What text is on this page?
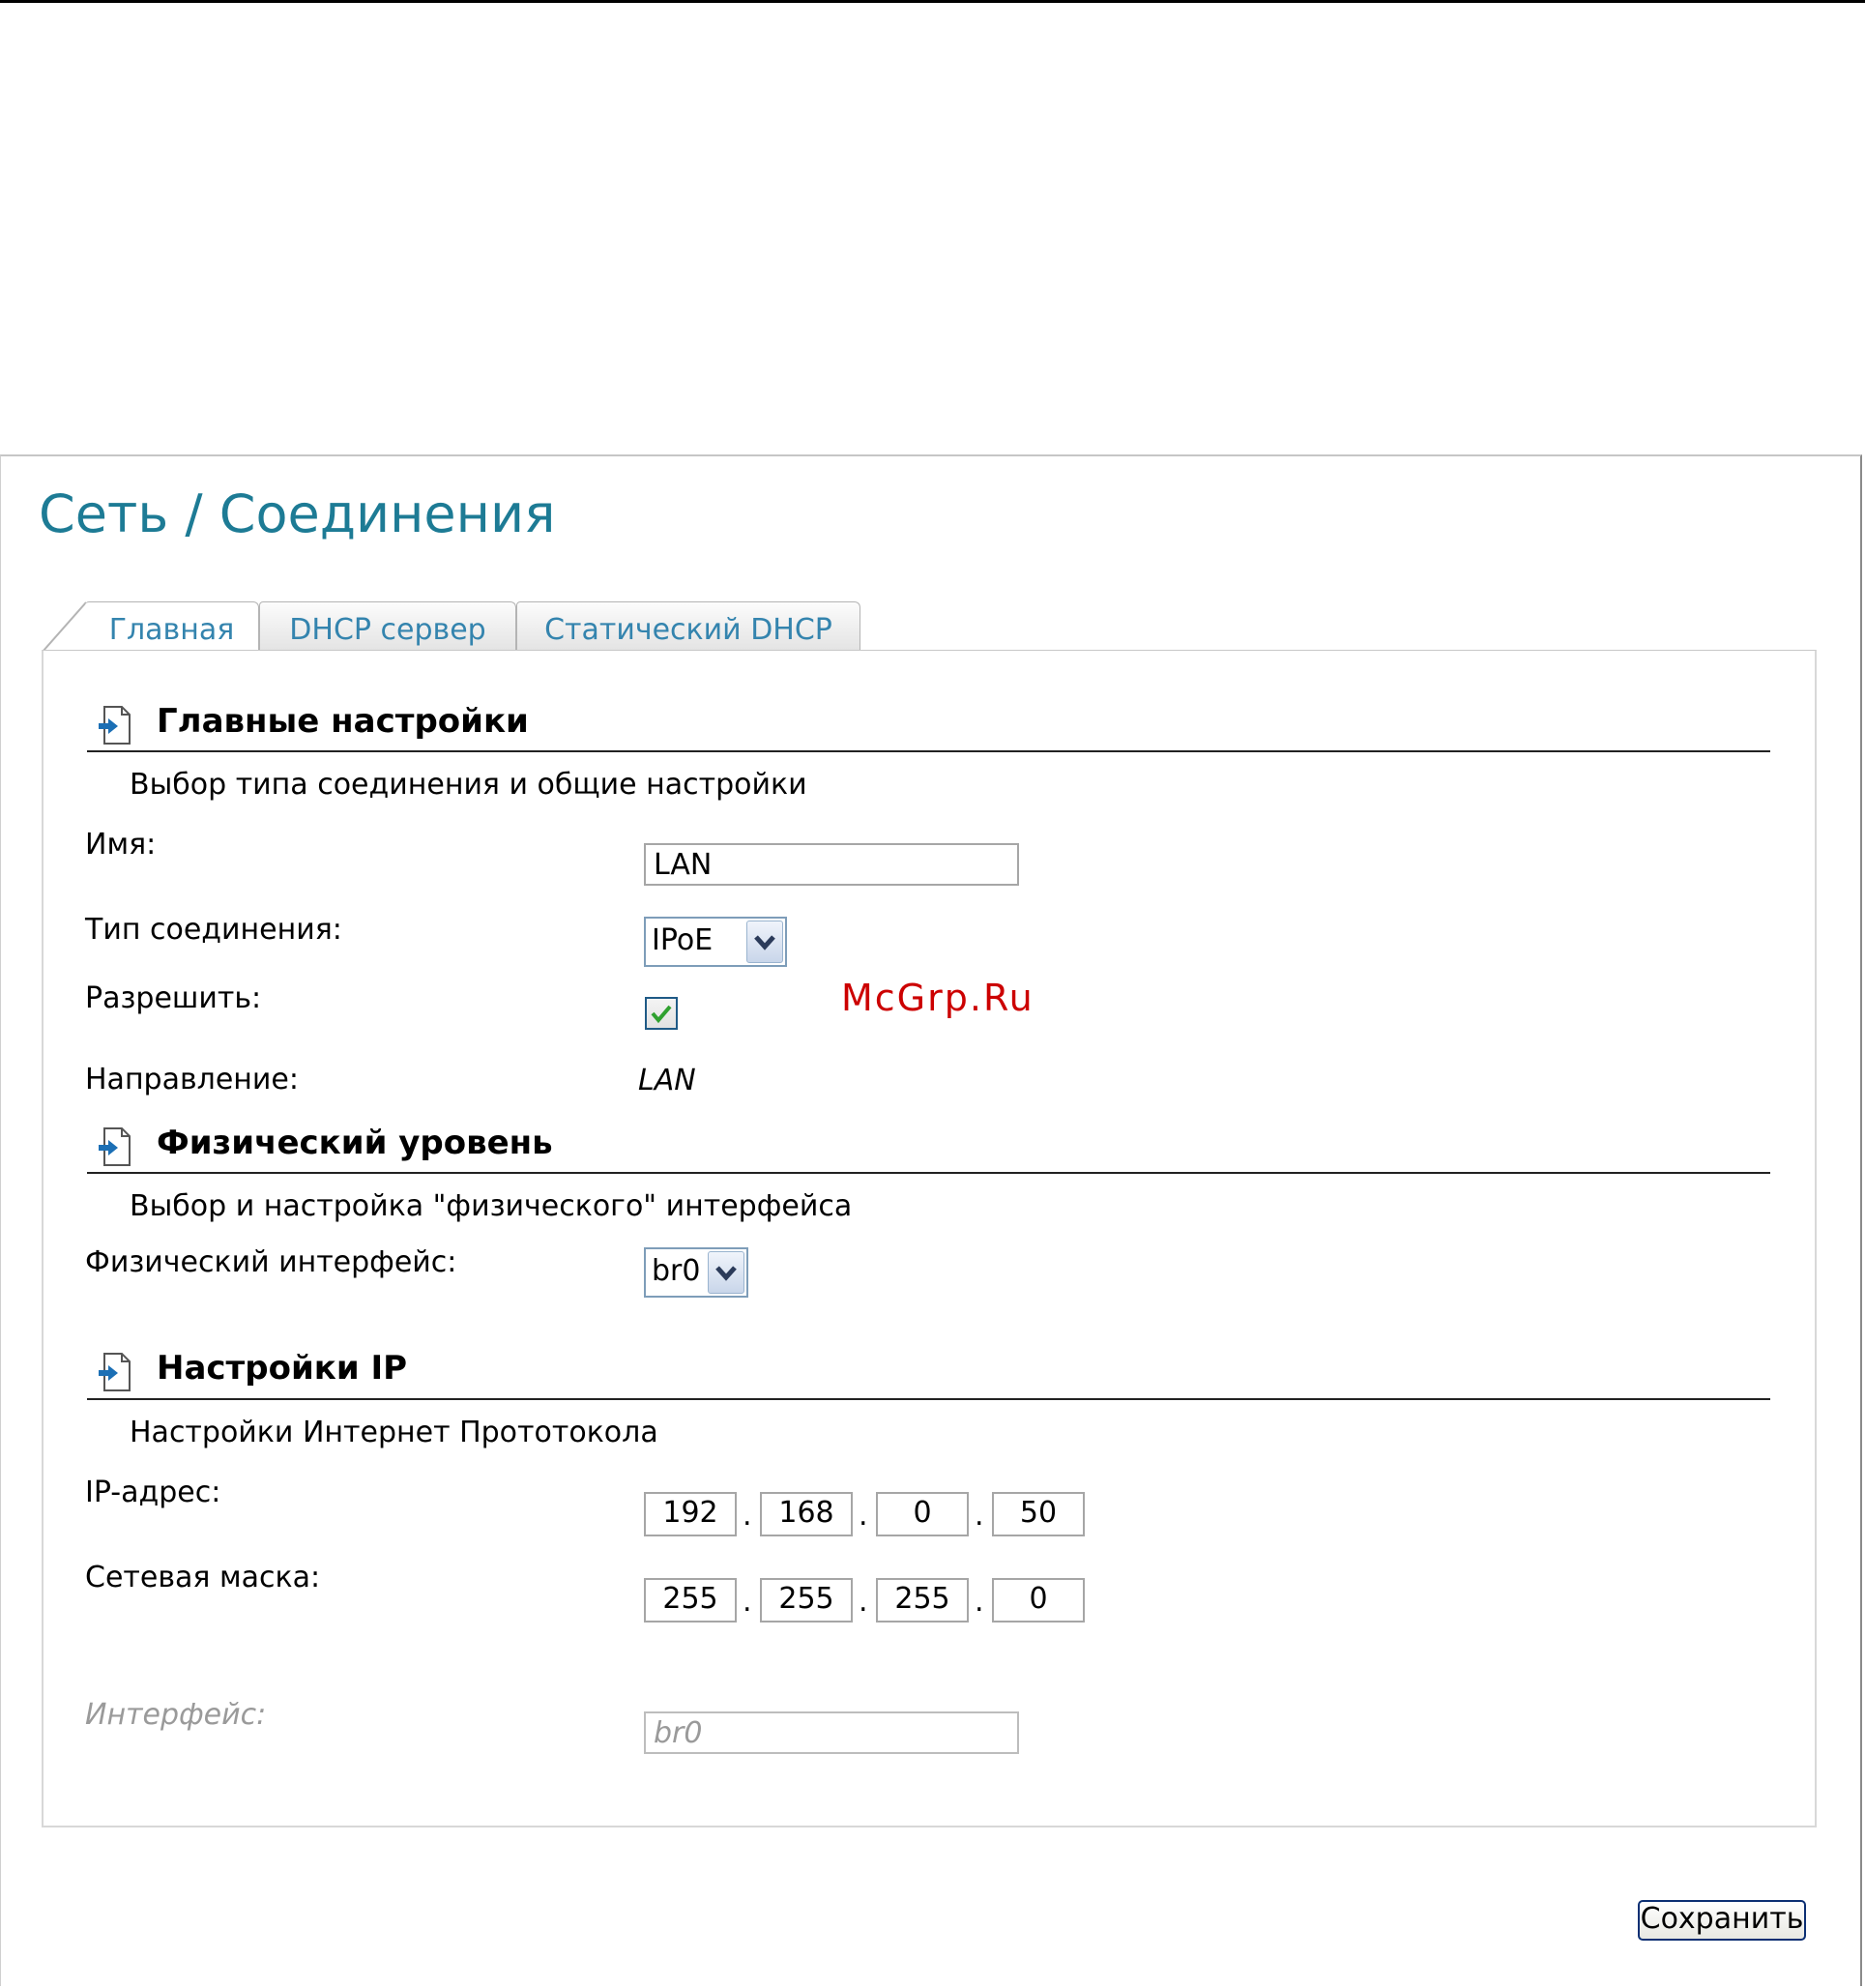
Сеть / Соединения
Главная	DHCP сервер	Статический DHCP
Главные настройки
Выбор типа соединения и общие настройки
Имя:
LAN
Тип соединения:	IPoE
Разрешить:	McGrp.Ru
Направление:	LAN
Физический уровень
Выбор и настройка "физического" интерфейса
Физический интерфейс:	br0
Настройки IP
Настройки Интернет Прототокола
IP-адрес:
192 . 168 .	0	.	50
Сетевая маска:
255 . 255 . 255 .	0
Интерфейс:
br0
Сохранить
